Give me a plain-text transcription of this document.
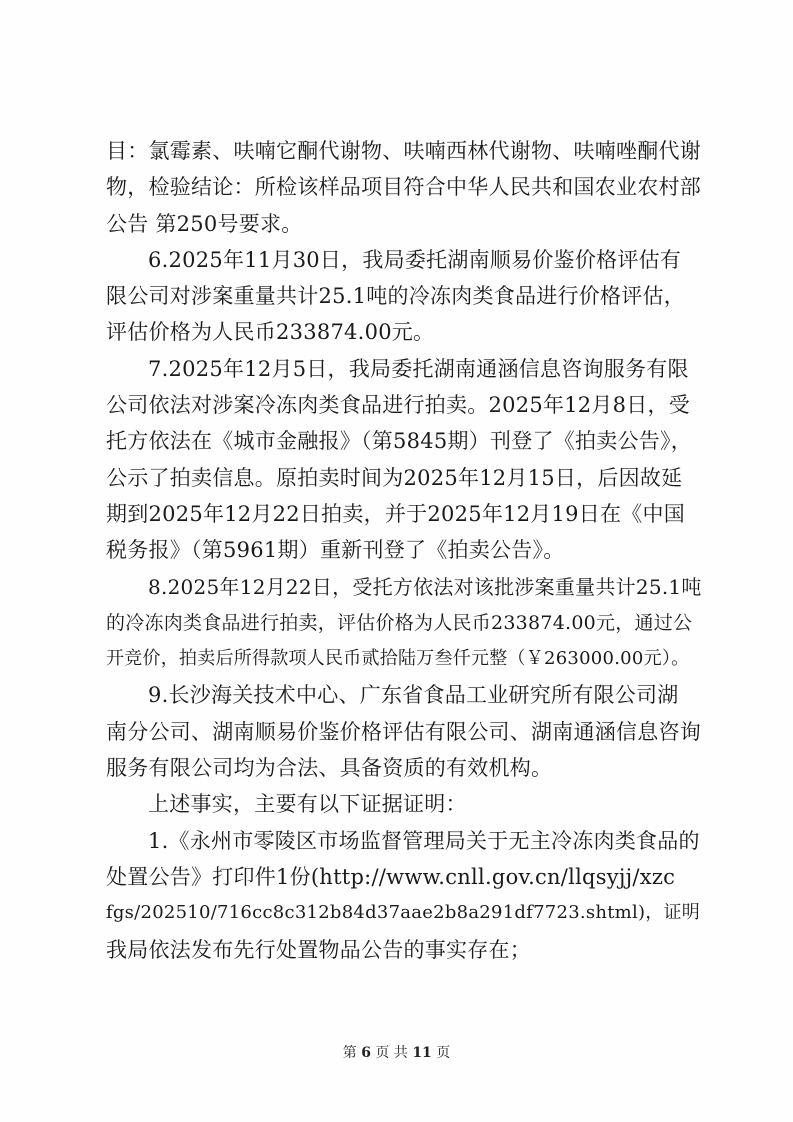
目：氯霉素、呋喃它酮代谢物、呋喃西林代谢物、呋喃唑酮代谢
物，检验结论：所检该样品项目符合中华人民共和国农业农村部
公告 第250号要求。
6.2025年11月30日，我局委托湖南顺易价鉴价格评估有
限公司对涉案重量共计25.1吨的冷冻肉类食品进行价格评估，
评估价格为人民币233874.00元。
7.2025年12月5日，我局委托湖南通涵信息咨询服务有限
公司依法对涉案冷冻肉类食品进行拍卖。2025年12月8日，受
托方依法在《城市金融报》（第5845期）刊登了《拍卖公告》，
公示了拍卖信息。原拍卖时间为2025年12月15日，后因故延
期到2025年12月22日拍卖，并于2025年12月19日在《中国
税务报》（第5961期）重新刊登了《拍卖公告》。
8.2025年12月22日，受托方依法对该批涉案重量共计25.1吨
的冷冻肉类食品进行拍卖，评估价格为人民币233874.00元，通过公
开竞价，拍卖后所得款项人民币贰拾陆万叁仟元整（￥263000.00元）。
9.长沙海关技术中心、广东省食品工业研究所有限公司湖
南分公司、湖南顺易价鉴价格评估有限公司、湖南通涵信息咨询
服务有限公司均为合法、具备资质的有效机构。
上述事实，主要有以下证据证明：
1.《永州市零陵区市场监督管理局关于无主冷冻肉类食品的
处置公告》打印件1份(http://www.cnll.gov.cn/llqsyjj/xzc
fgs/202510/716cc8c312b84d37aae2b8a291df7723.shtml)，证明
我局依法发布先行处置物品公告的事实存在；
第 6 页 共 11 页
